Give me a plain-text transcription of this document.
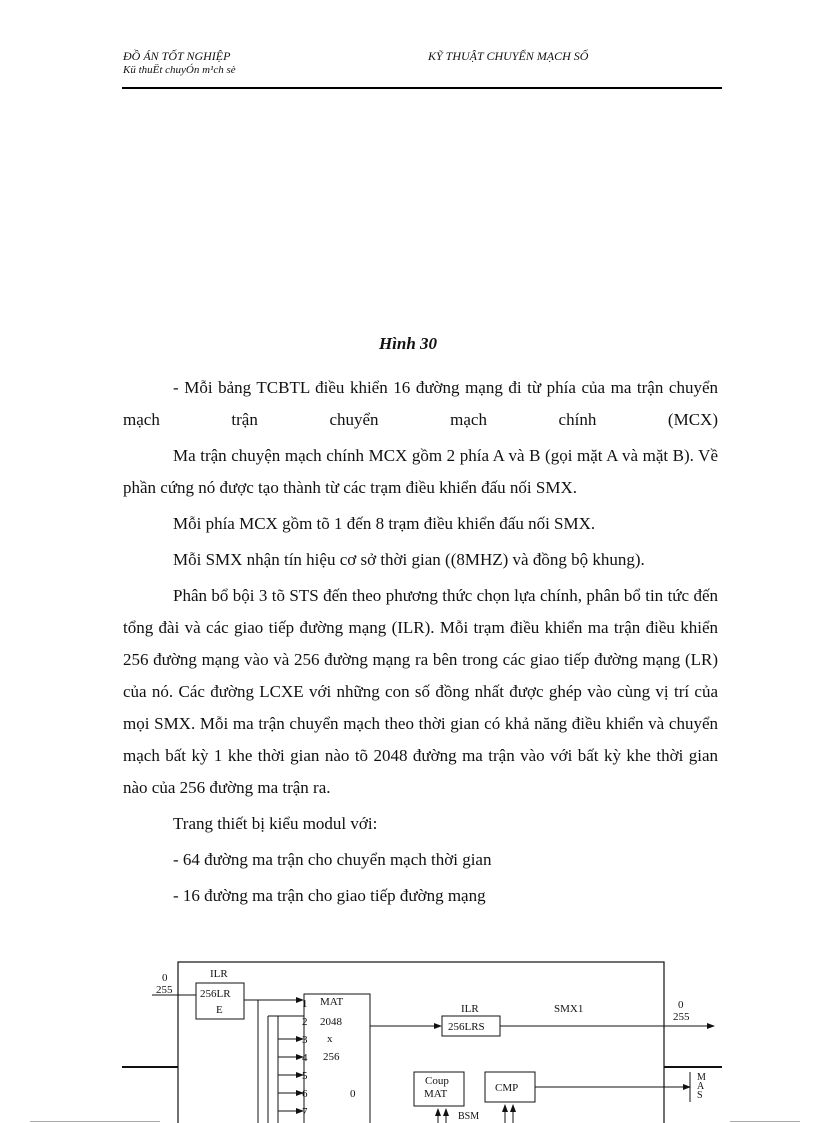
ĐỒ ÁN TỐT NGHIỆP
Kü thuËt chuyÓn m¹ch sè
KỸ THUẬT CHUYỂN MẠCH SỐ
Hình 30

- Mỗi bảng TCBTL điều khiển 16 đường mạng đi từ phía của ma trận chuyển mạch trận chuyển mạch chính (MCX)

Ma trận chuyện mạch chính MCX gồm 2 phía A và B (gọi mặt A và mặt B). Về phần cứng nó được tạo thành từ các trạm điều khiển đấu nối SMX.

Mỗi phía MCX gồm tõ 1 đến 8 trạm điều khiển đấu nối SMX.

Mỗi SMX nhận tín hiệu cơ sở thời gian ((8MHZ) và đồng bộ khung).

Phân bổ bội 3 tõ STS đến theo phương thức chọn lựa chính, phân bổ tin tức đến tổng đài và các giao tiếp đường mạng (ILR). Mỗi trạm điều khiển ma trận điều khiển 256 đường mạng vào và 256 đường mạng ra bên trong các giao tiếp đường mạng (LR) của nó. Các đường LCXE với những con số đồng nhất được ghép vào cùng vị trí của mọi SMX. Mỗi ma trận chuyển mạch theo thời gian có khả năng điều khiển và chuyển mạch bất kỳ 1 khe thời gian nào tõ 2048 đường ma trận vào với bất kỳ khe thời gian nào của 256 đường ma trận ra.

Trang thiết bị kiểu modul với:

- 64 đường ma trận cho chuyển mạch thời gian

- 16 đường ma trận cho giao tiếp đường mạng

0
255
ILR
256LR
E
MAT
2048
x
256
0
1
2
3
4
5
6
7
ILR
256LRS
SMX1	0
255
Coup
MAT	CMP
M
A
S
BSM
